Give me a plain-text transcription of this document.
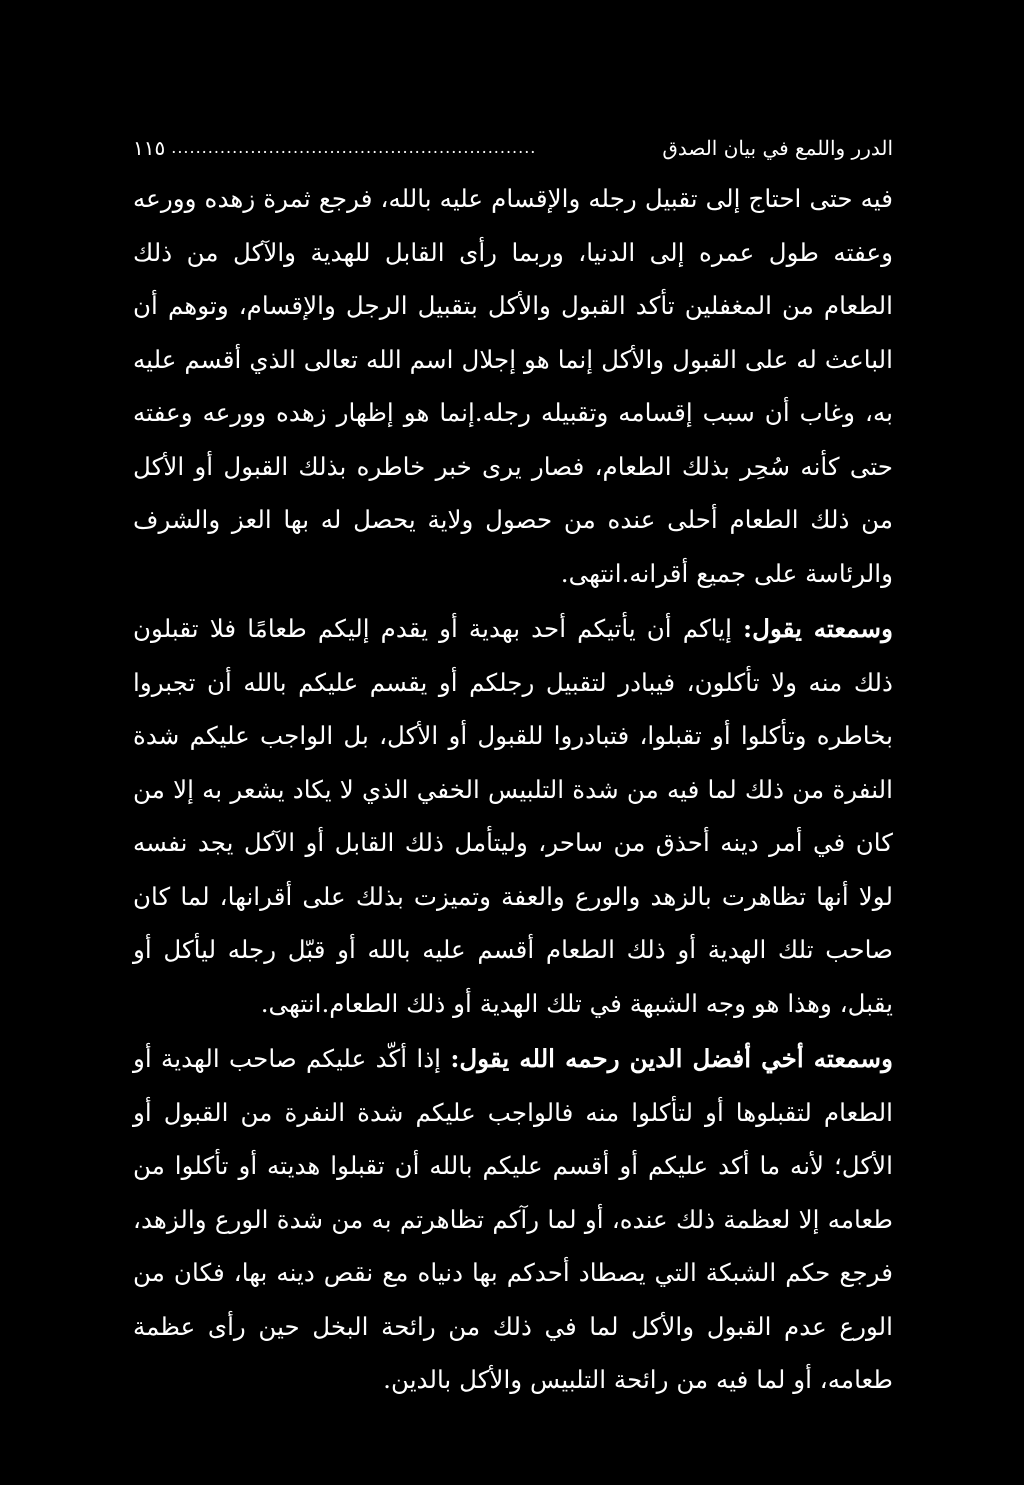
الدرر واللمع في بيان الصدق
............................................................
١١٥

فيه حتى احتاج إلى تقبيل رجله والإقسام عليه بالله، فرجع ثمرة زهده وورعه وعفته طول عمره إلى الدنيا، وربما رأى القابل للهدية والآكل من ذلك الطعام من المغفلين تأكد القبول والأكل بتقبيل الرجل والإقسام، وتوهم أن الباعث له على القبول والأكل إنما هو إجلال اسم الله تعالى الذي أقسم عليه به، وغاب أن سبب إقسامه وتقبيله رجله.إنما هو إظهار زهده وورعه وعفته حتى كأنه سُحِر بذلك الطعام، فصار يرى خبر خاطره بذلك القبول أو الأكل من ذلك الطعام أحلى عنده من حصول ولاية يحصل له بها العز والشرف والرئاسة على جميع أقرانه.انتهى.

وسمعته يقول: إياكم أن يأتيكم أحد بهدية أو يقدم إليكم طعامًا فلا تقبلون ذلك منه ولا تأكلون، فيبادر لتقبيل رجلكم أو يقسم عليكم بالله أن تجبروا بخاطره وتأكلوا أو تقبلوا، فتبادروا للقبول أو الأكل، بل الواجب عليكم شدة النفرة من ذلك لما فيه من شدة التلبيس الخفي الذي لا يكاد يشعر به إلا من كان في أمر دينه أحذق من ساحر، وليتأمل ذلك القابل أو الآكل يجد نفسه لولا أنها تظاهرت بالزهد والورع والعفة وتميزت بذلك على أقرانها، لما كان صاحب تلك الهدية أو ذلك الطعام أقسم عليه بالله أو قبّل رجله ليأكل أو يقبل، وهذا هو وجه الشبهة في تلك الهدية أو ذلك الطعام.انتهى.

وسمعته أخي أفضل الدين رحمه الله يقول: إذا أكّد عليكم صاحب الهدية أو الطعام لتقبلوها أو لتأكلوا منه فالواجب عليكم شدة النفرة من القبول أو الأكل؛ لأنه ما أكد عليكم أو أقسم عليكم بالله أن تقبلوا هديته أو تأكلوا من طعامه إلا لعظمة ذلك عنده، أو لما رآكم تظاهرتم به من شدة الورع والزهد، فرجع حكم الشبكة التي يصطاد أحدكم بها دنياه مع نقص دينه بها، فكان من الورع عدم القبول والأكل لما في ذلك من رائحة البخل حين رأى عظمة طعامه، أو لما فيه من رائحة التلبيس والأكل بالدين.
